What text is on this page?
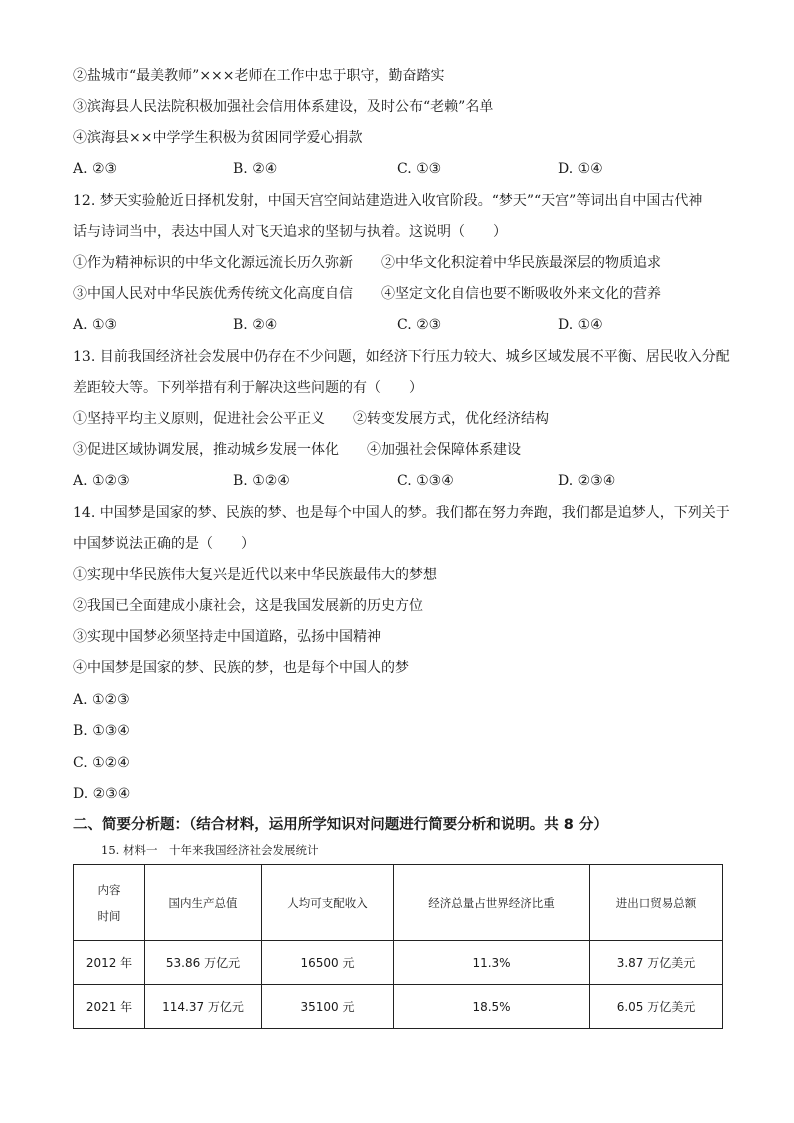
②盐城市“最美教师”×××老师在工作中忠于职守，勤奋踏实
③滨海县人民法院积极加强社会信用体系建设，及时公布“老赖”名单
④滨海县××中学学生积极为贫困同学爱心捐款
A. ②③	B. ②④	C. ①③	D. ①④
12. 梦天实验舱近日择机发射，中国天宫空间站建造进入收官阶段。“梦天”“天宫”等词出自中国古代神
话与诗词当中，表达中国人对飞天追求的坚韧与执着。这说明（　　）
①作为精神标识的中华文化源远流长历久弥新　　②中华文化积淀着中华民族最深层的物质追求
③中国人民对中华民族优秀传统文化高度自信　　④坚定文化自信也要不断吸收外来文化的营养
A. ①③	B. ②④	C. ②③	D. ①④
13. 目前我国经济社会发展中仍存在不少问题，如经济下行压力较大、城乡区域发展不平衡、居民收入分配
差距较大等。下列举措有利于解决这些问题的有（　　）
①坚持平均主义原则，促进社会公平正义　　②转变发展方式，优化经济结构
③促进区域协调发展，推动城乡发展一体化　　④加强社会保障体系建设
A. ①②③	B. ①②④	C. ①③④	D. ②③④
14. 中国梦是国家的梦、民族的梦、也是每个中国人的梦。我们都在努力奔跑，我们都是追梦人，下列关于
中国梦说法正确的是（　　）
①实现中华民族伟大复兴是近代以来中华民族最伟大的梦想
②我国已全面建成小康社会，这是我国发展新的历史方位
③实现中国梦必须坚持走中国道路，弘扬中国精神
④中国梦是国家的梦、民族的梦，也是每个中国人的梦
A. ①②③
B. ①③④
C. ①②④
D. ②③④
二、简要分析题：（结合材料，运用所学知识对问题进行简要分析和说明。共 8 分）
15. 材料一　十年来我国经济社会发展统计
内容
时间	国内生产总值	人均可支配收入	经济总量占世界经济比重	进出口贸易总额
2012 年	53.86 万亿元	16500 元	11.3%	3.87 万亿美元
2021 年	114.37 万亿元	35100 元	18.5%	6.05 万亿美元
